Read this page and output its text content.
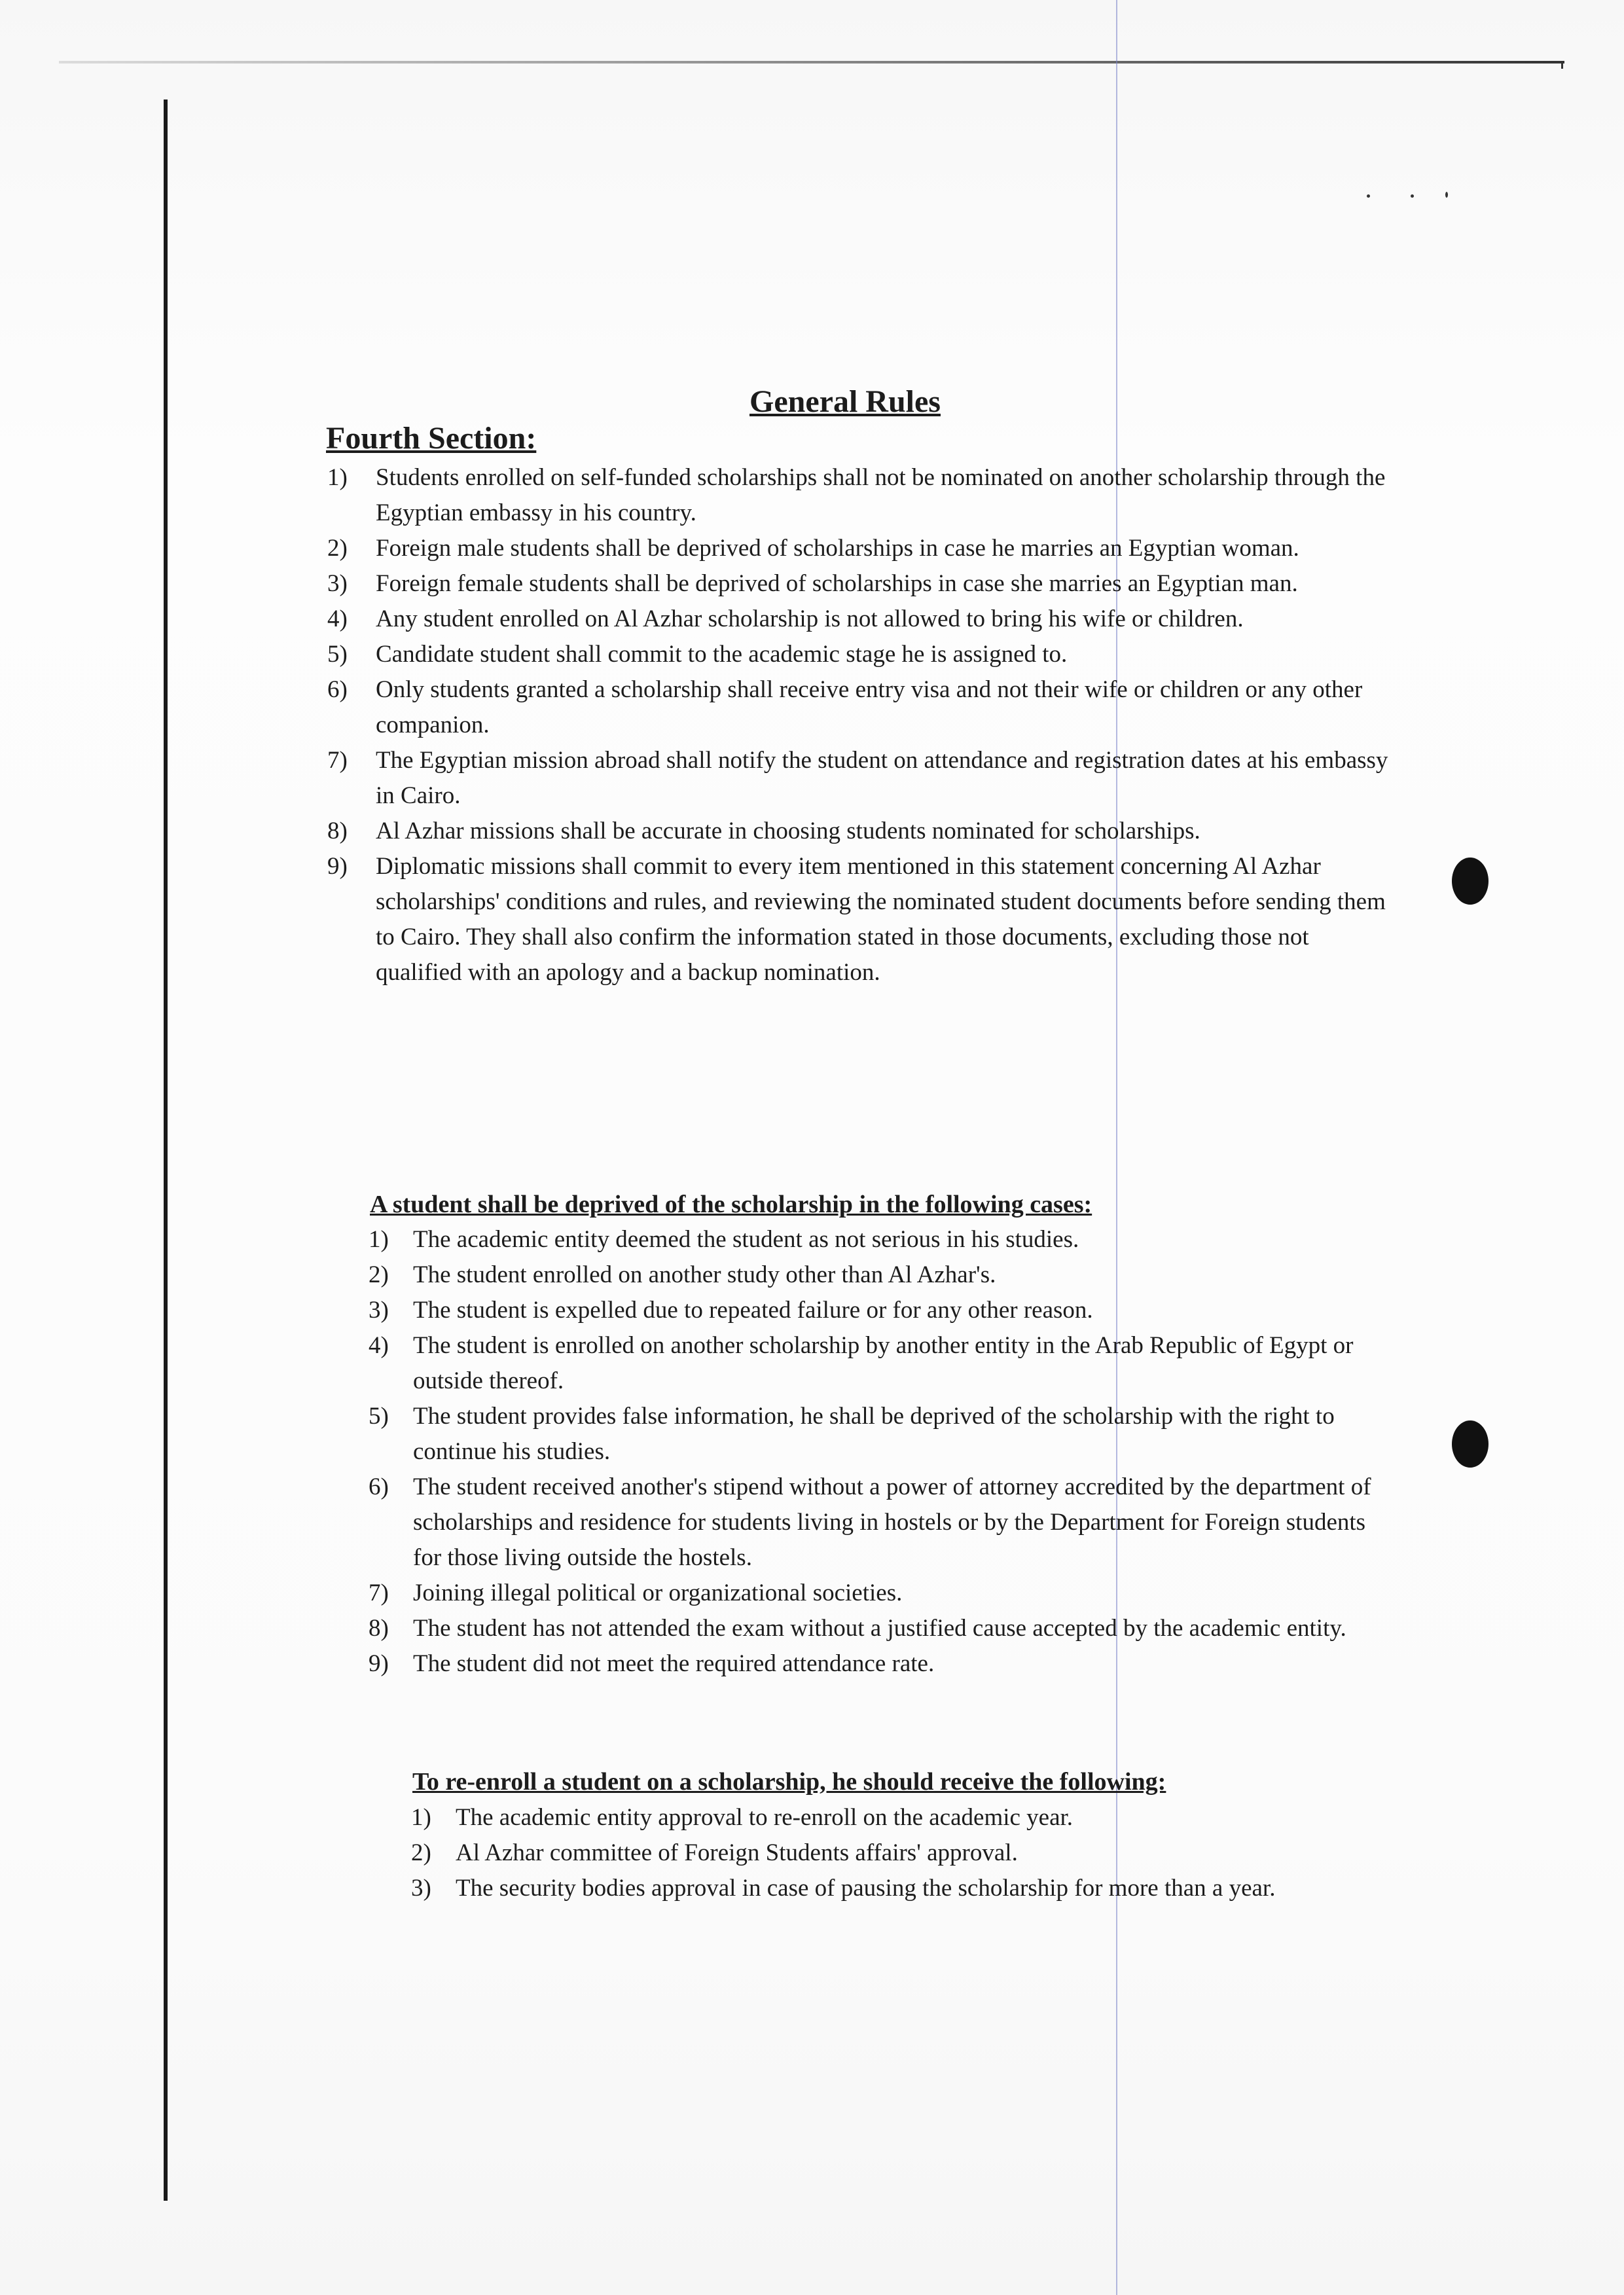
General Rules
Fourth Section:
1) Students enrolled on self-funded scholarships shall not be nominated on another scholarship through the Egyptian embassy in his country.
2) Foreign male students shall be deprived of scholarships in case he marries an Egyptian woman.
3) Foreign female students shall be deprived of scholarships in case she marries an Egyptian man.
4) Any student enrolled on Al Azhar scholarship is not allowed to bring his wife or children.
5) Candidate student shall commit to the academic stage he is assigned to.
6) Only students granted a scholarship shall receive entry visa and not their wife or children or any other companion.
7) The Egyptian mission abroad shall notify the student on attendance and registration dates at his embassy in Cairo.
8) Al Azhar missions shall be accurate in choosing students nominated for scholarships.
9) Diplomatic missions shall commit to every item mentioned in this statement concerning Al Azhar scholarships' conditions and rules, and reviewing the nominated student documents before sending them to Cairo. They shall also confirm the information stated in those documents, excluding those not qualified with an apology and a backup nomination.
A student shall be deprived of the scholarship in the following cases:
1) The academic entity deemed the student as not serious in his studies.
2) The student enrolled on another study other than Al Azhar's.
3) The student is expelled due to repeated failure or for any other reason.
4) The student is enrolled on another scholarship by another entity in the Arab Republic of Egypt or outside thereof.
5) The student provides false information, he shall be deprived of the scholarship with the right to continue his studies.
6) The student received another's stipend without a power of attorney accredited by the department of scholarships and residence for students living in hostels or by the Department for Foreign students for those living outside the hostels.
7) Joining illegal political or organizational societies.
8) The student has not attended the exam without a justified cause accepted by the academic entity.
9) The student did not meet the required attendance rate.
To re-enroll a student on a scholarship, he should receive the following:
1) The academic entity approval to re-enroll on the academic year.
2) Al Azhar committee of Foreign Students affairs' approval.
3) The security bodies approval in case of pausing the scholarship for more than a year.
